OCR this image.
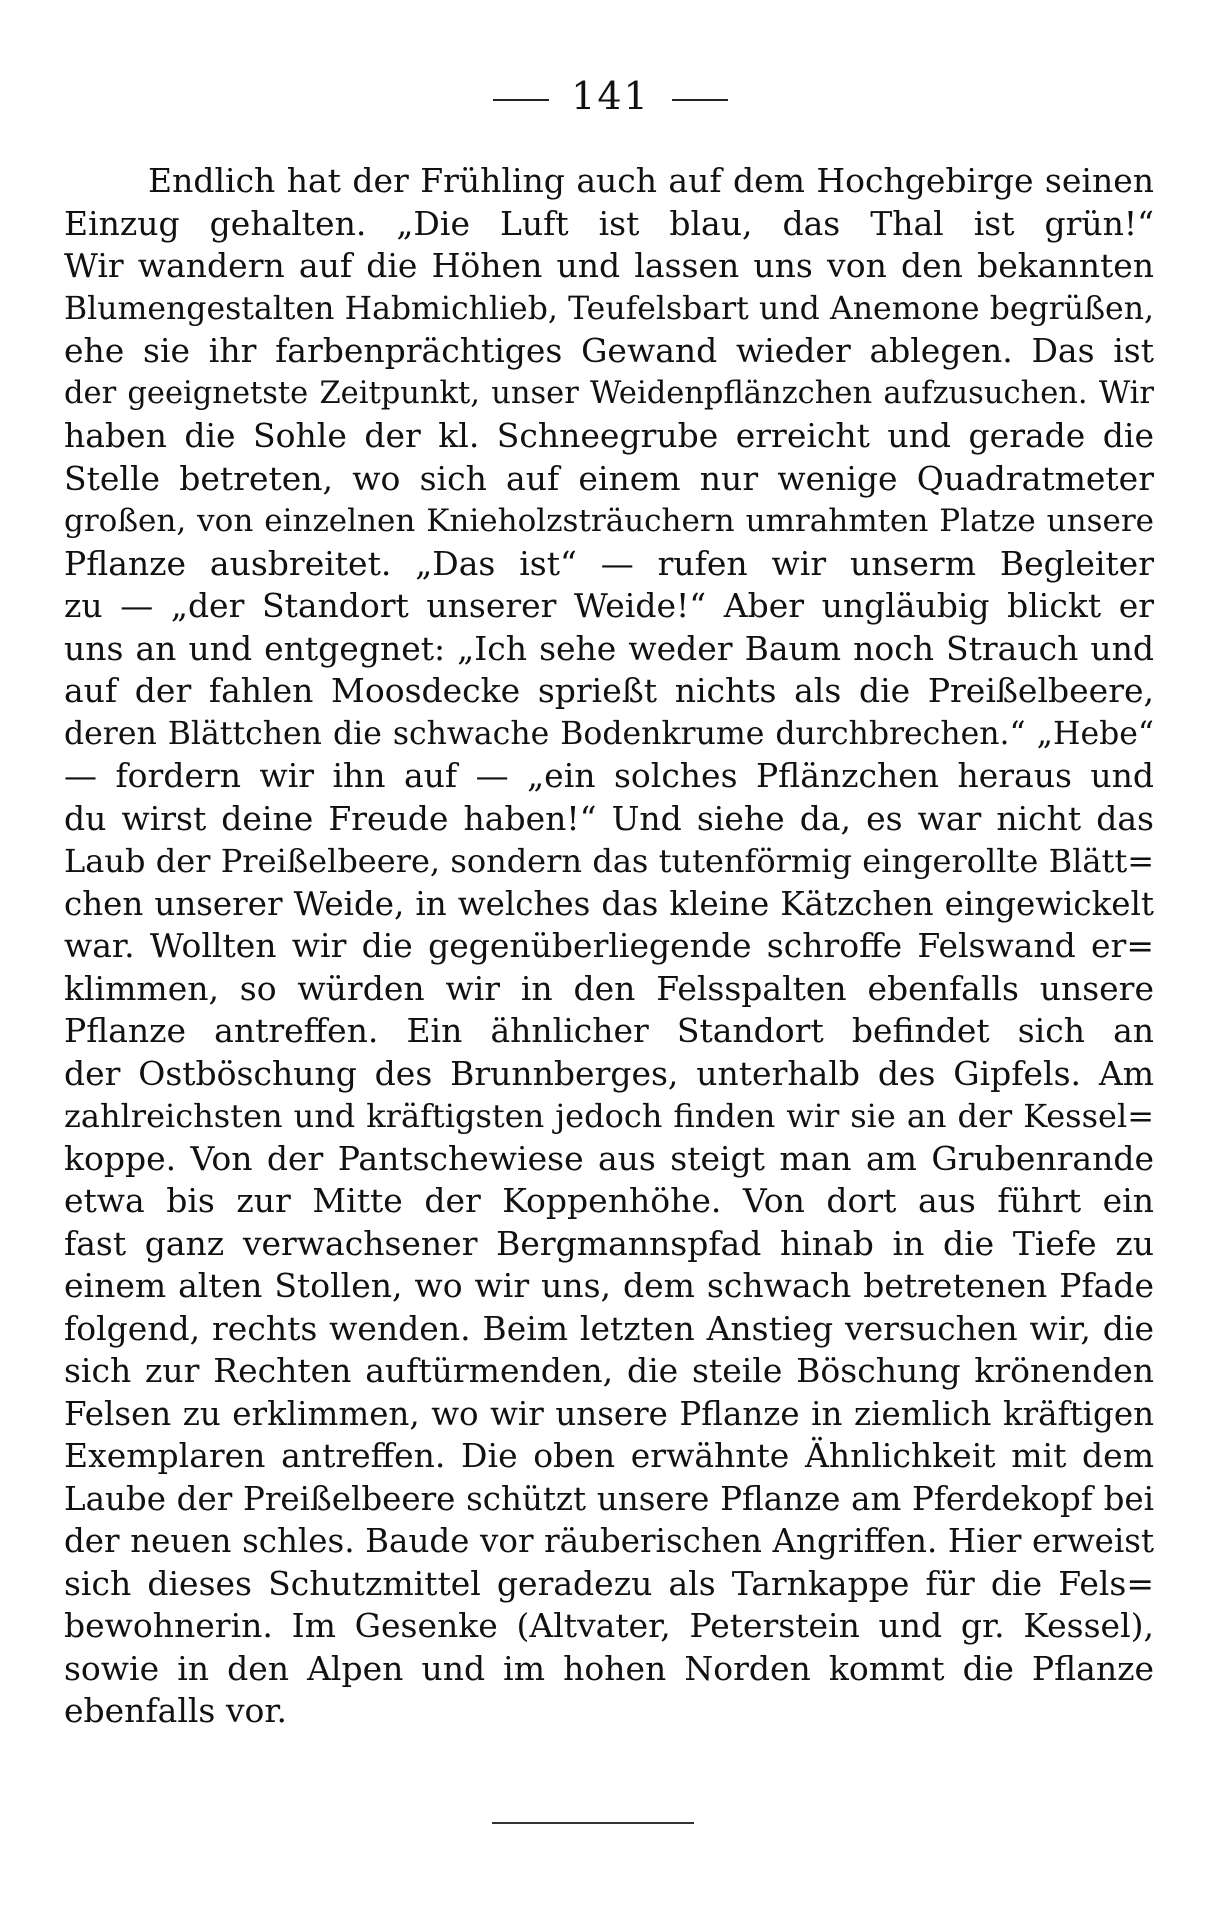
141
Endlich hat der Frühling auch auf dem Hochgebirge seinen
Einzug gehalten. „Die Luft ist blau, das Thal ist grün!“
Wir wandern auf die Höhen und lassen uns von den bekannten
Blumengestalten Habmichlieb, Teufelsbart und Anemone begrüßen,
ehe sie ihr farbenprächtiges Gewand wieder ablegen. Das ist
der geeignetste Zeitpunkt, unser Weidenpflänzchen aufzusuchen. Wir
haben die Sohle der kl. Schneegrube erreicht und gerade die
Stelle betreten, wo sich auf einem nur wenige Quadratmeter
großen, von einzelnen Knieholzsträuchern umrahmten Platze unsere
Pflanze ausbreitet. „Das ist“ — rufen wir unserm Begleiter
zu — „der Standort unserer Weide!“ Aber ungläubig blickt er
uns an und entgegnet: „Ich sehe weder Baum noch Strauch und
auf der fahlen Moosdecke sprießt nichts als die Preißelbeere,
deren Blättchen die schwache Bodenkrume durchbrechen.“ „Hebe“
— fordern wir ihn auf — „ein solches Pflänzchen heraus und
du wirst deine Freude haben!“ Und siehe da, es war nicht das
Laub der Preißelbeere, sondern das tutenförmig eingerollte Blätt=
chen unserer Weide, in welches das kleine Kätzchen eingewickelt
war. Wollten wir die gegenüberliegende schroffe Felswand er=
klimmen, so würden wir in den Felsspalten ebenfalls unsere
Pflanze antreffen. Ein ähnlicher Standort befindet sich an
der Ostböschung des Brunnberges, unterhalb des Gipfels. Am
zahlreichsten und kräftigsten jedoch finden wir sie an der Kessel=
koppe. Von der Pantschewiese aus steigt man am Grubenrande
etwa bis zur Mitte der Koppenhöhe. Von dort aus führt ein
fast ganz verwachsener Bergmannspfad hinab in die Tiefe zu
einem alten Stollen, wo wir uns, dem schwach betretenen Pfade
folgend, rechts wenden. Beim letzten Anstieg versuchen wir, die
sich zur Rechten auftürmenden, die steile Böschung krönenden
Felsen zu erklimmen, wo wir unsere Pflanze in ziemlich kräftigen
Exemplaren antreffen. Die oben erwähnte Ähnlichkeit mit dem
Laube der Preißelbeere schützt unsere Pflanze am Pferdekopf bei
der neuen schles. Baude vor räuberischen Angriffen. Hier erweist
sich dieses Schutzmittel geradezu als Tarnkappe für die Fels=
bewohnerin. Im Gesenke (Altvater, Peterstein und gr. Kessel),
sowie in den Alpen und im hohen Norden kommt die Pflanze
ebenfalls vor.
